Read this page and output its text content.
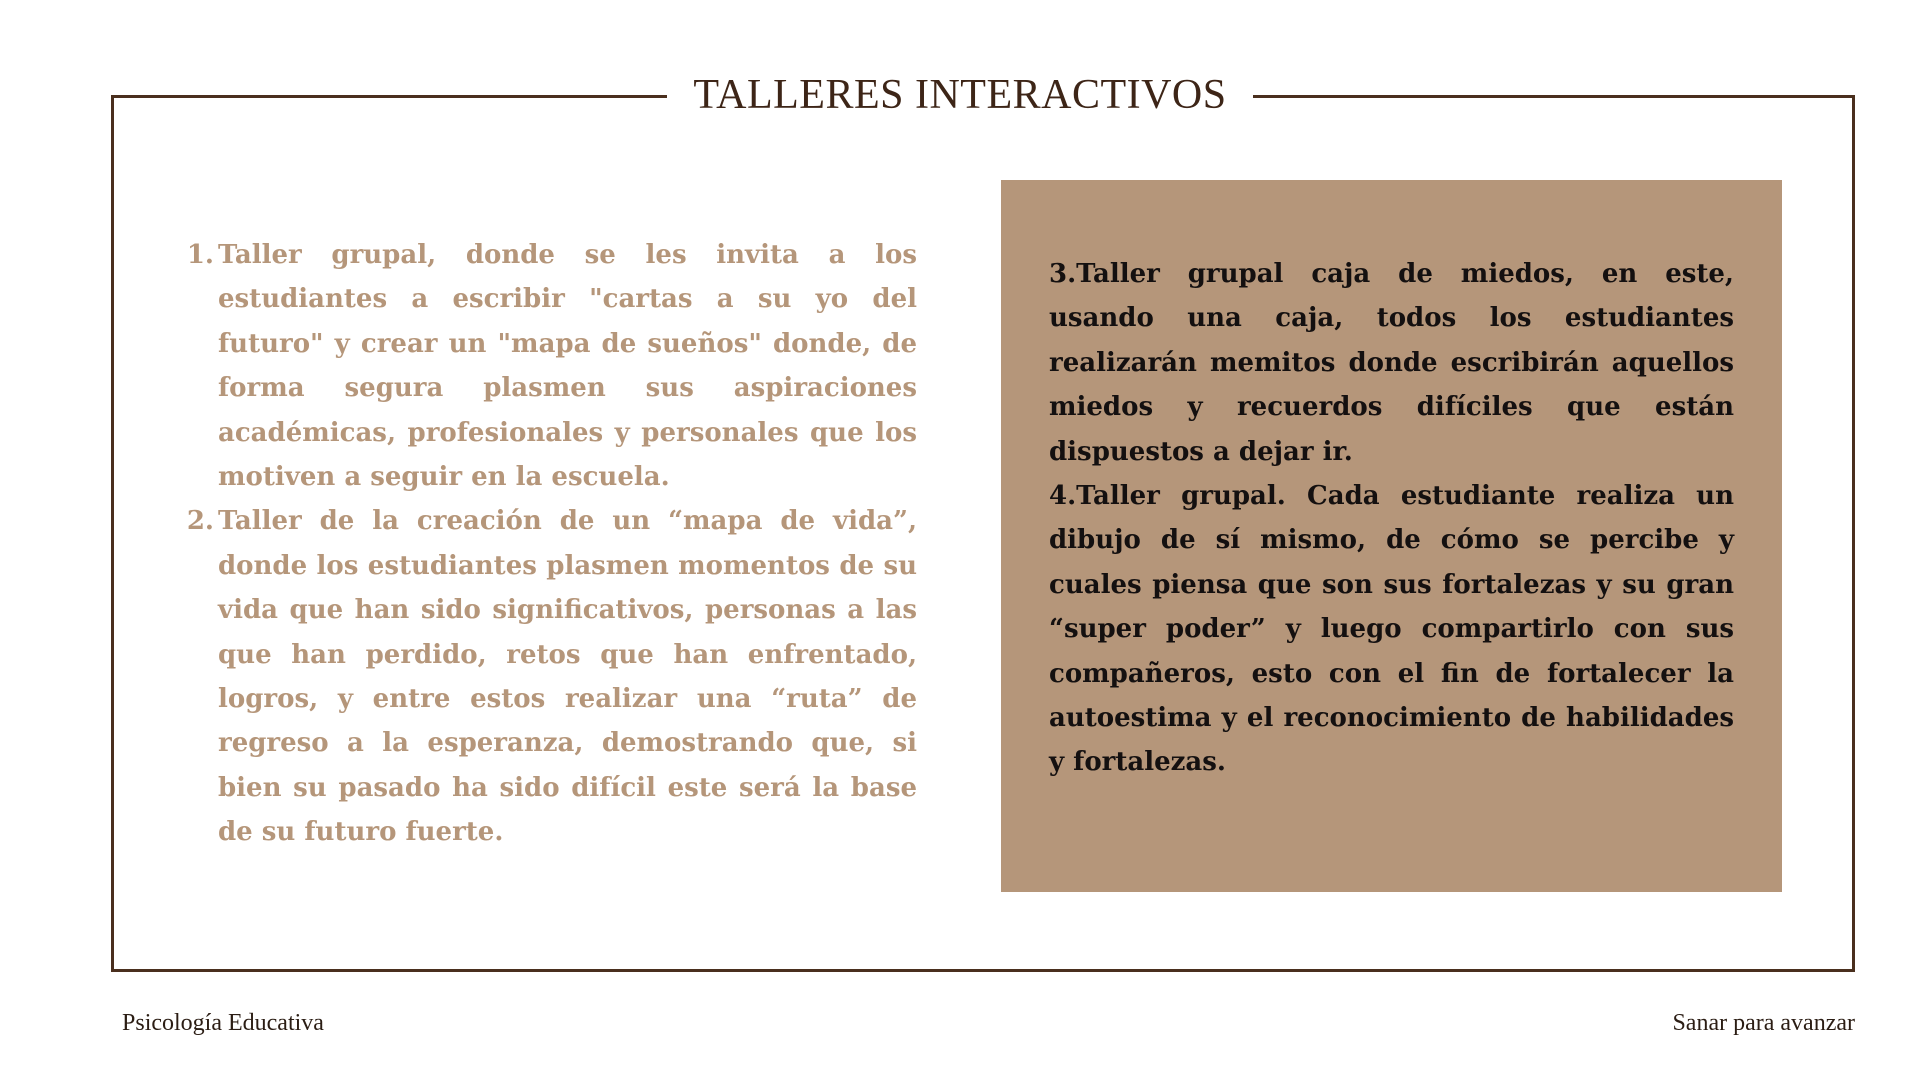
TALLERES INTERACTIVOS
1. Taller grupal, donde se les invita a los estudiantes a escribir "cartas a su yo del futuro" y crear un "mapa de sueños" donde, de forma segura plasmen sus aspiraciones académicas, profesionales y personales que los motiven a seguir en la escuela.
2. Taller de la creación de un “mapa de vida”, donde los estudiantes plasmen momentos de su vida que han sido significativos, personas a las que han perdido, retos que han enfrentado, logros, y entre estos realizar una “ruta” de regreso a la esperanza, demostrando que, si bien su pasado ha sido difícil este será la base de su futuro fuerte.

3.Taller grupal caja de miedos, en este, usando una caja, todos los estudiantes realizarán memitos donde escribirán aquellos miedos y recuerdos difíciles que están dispuestos a dejar ir.

4.Taller grupal. Cada estudiante realiza un dibujo de sí mismo, de cómo se percibe y cuales piensa que son sus fortalezas y su gran “super poder” y luego compartirlo con sus compañeros, esto con el fin de fortalecer la autoestima y el reconocimiento de habilidades y fortalezas.

Psicología Educativa	Sanar para avanzar
